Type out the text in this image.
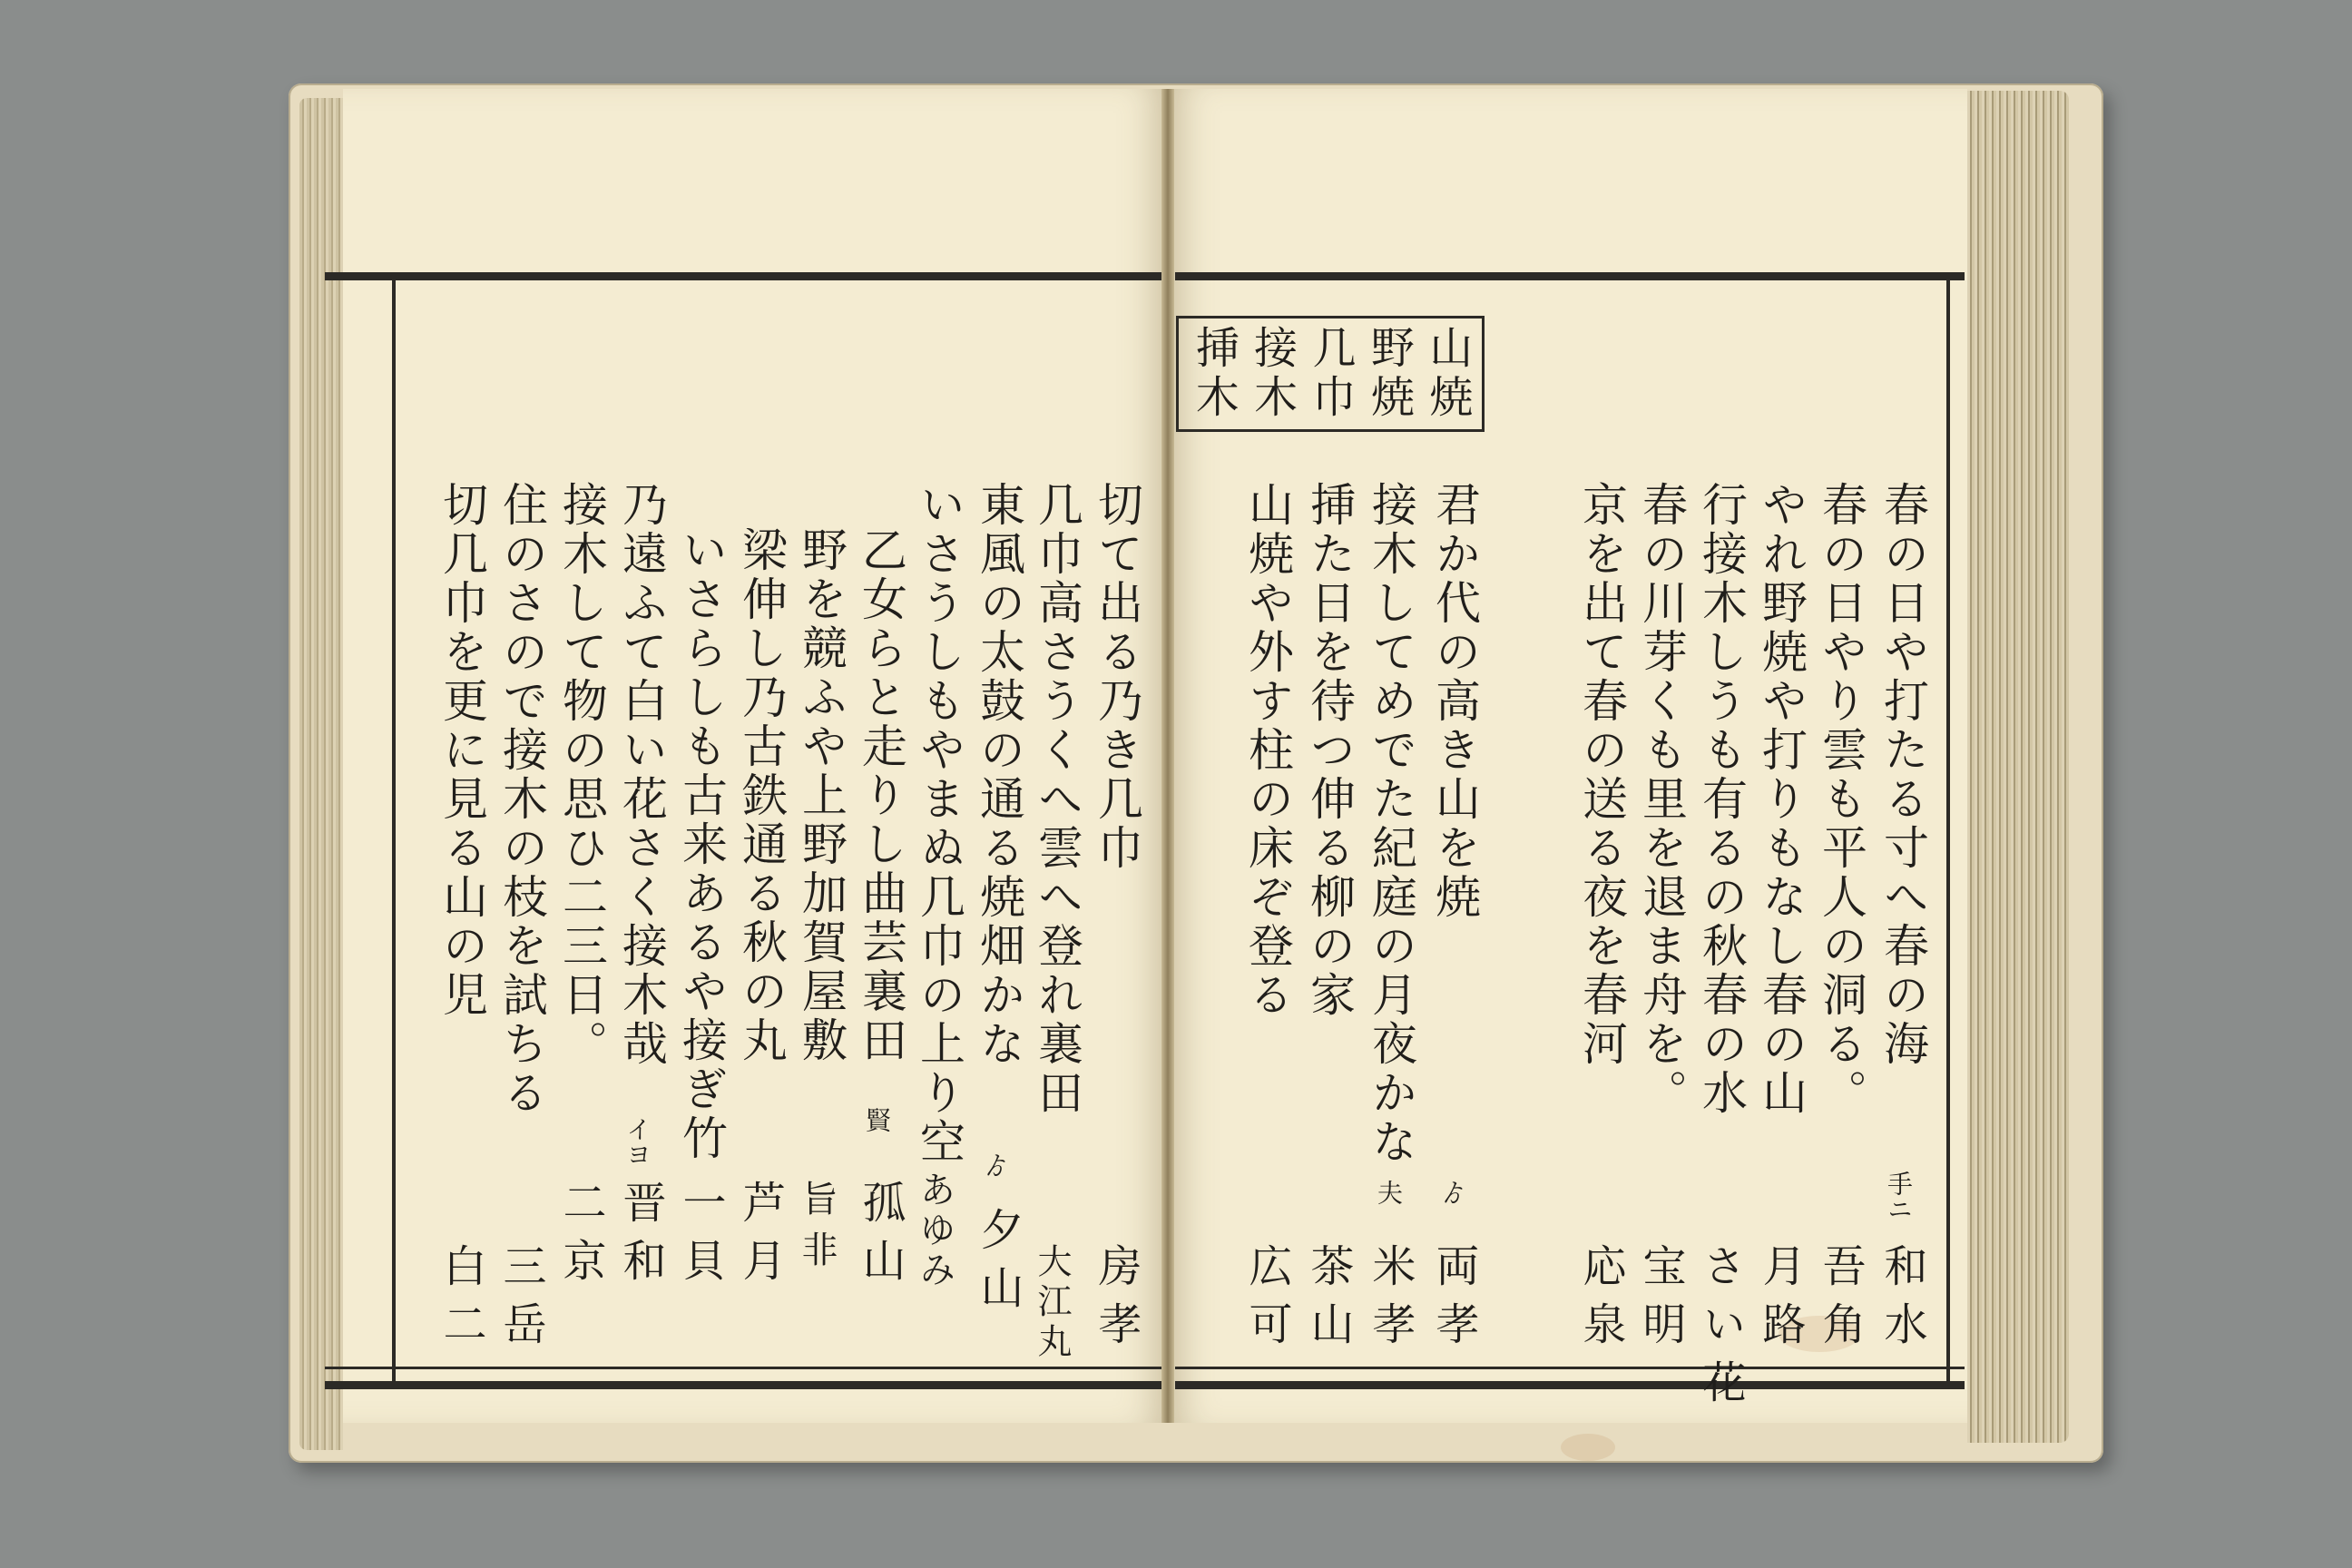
山焼
野焼
几巾
接木
挿木
春の日や打たる寸へ春の海
手ニ
和水
春の日やり雲も平人の洞る。
吾角
やれ野焼や打りもなし春の山
月路
行接木しうも有るの秋春の水
さい花
春の川芽くも里を退ま舟を。
宝明
京を出て春の送る夜を春河
応泉
君か代の高き山を焼
ゟ
両孝
接木してめでた紀庭の月夜かな
夫
米孝
挿た日を待つ伸る柳の家
茶山
山焼や外す柱の床ぞ登る
広可
切て出る乃き几巾
房孝
几巾高さうくへ雲へ登れ裏田
大江丸
東風の太鼓の通る焼畑かな
ゟ
夕山
いさうしもやまぬ几巾の上り空
あゆみ
乙女らと走りし曲芸裏田
賢
孤山
野を競ふや上野加賀屋敷
旨非
梁伸し乃古鉄通る秋の丸
芦月
いさらしも古来あるや接ぎ竹
一貝
乃遠ふて白い花さく接木哉
イヨ
晋和
接木して物の思ひ二三日。
二京
住のさので接木の枝を試ちる
三岳
切几巾を更に見る山の児
白二
